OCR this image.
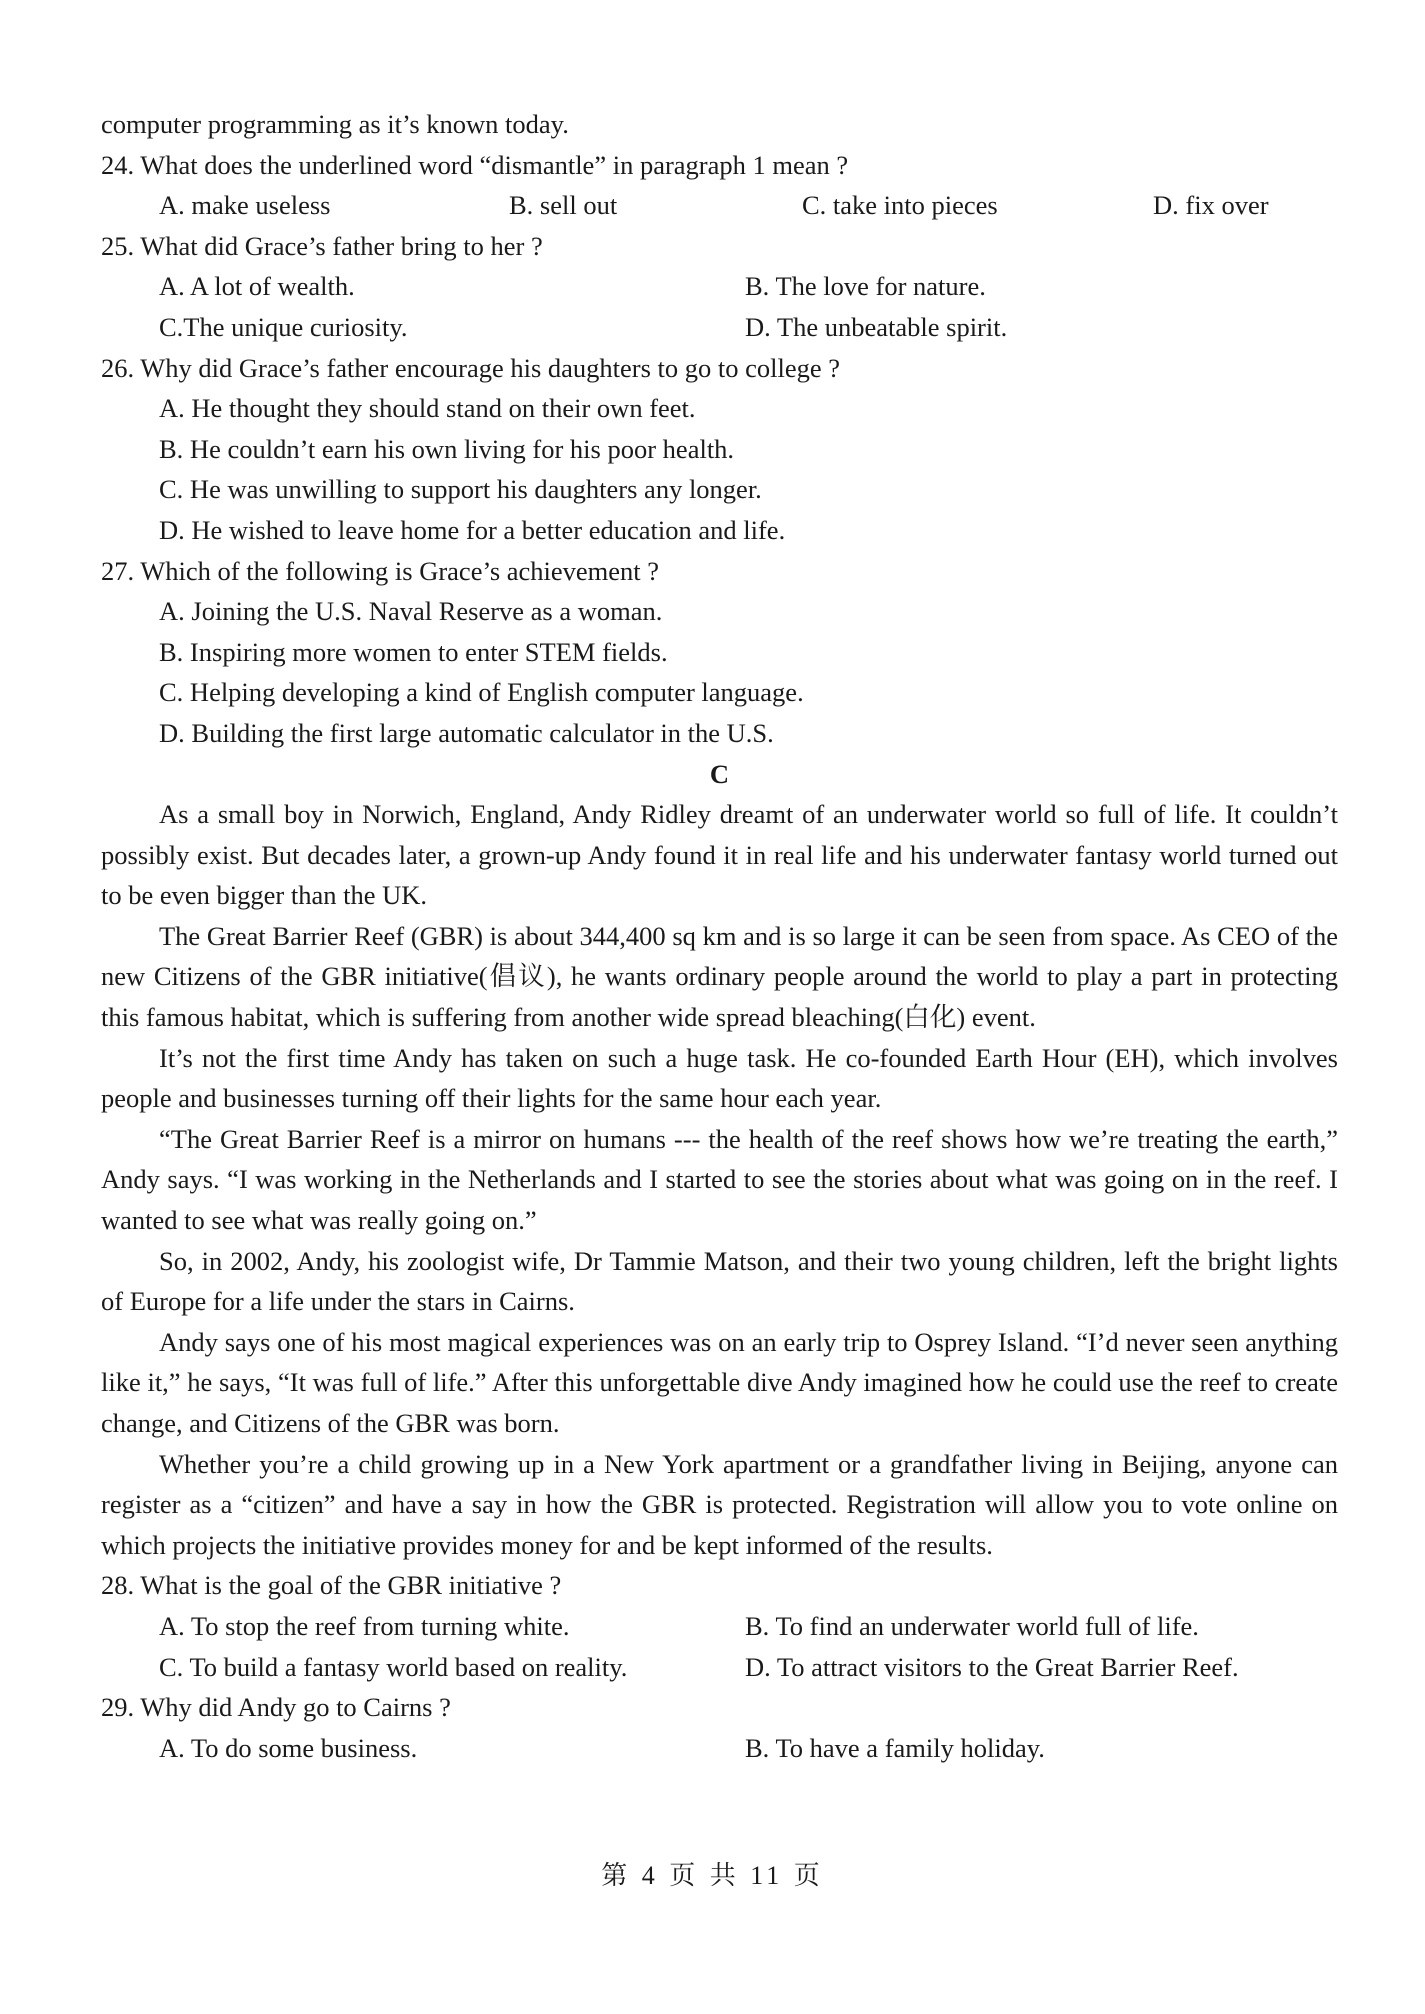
computer programming as it’s known today.
24. What does the underlined word “dismantle” in paragraph 1 mean ?
A. make useless	B. sell out	C. take into pieces	D. fix over
25. What did Grace’s father bring to her ?
A. A lot of wealth.	B. The love for nature.
C.The unique curiosity.	D. The unbeatable spirit.
26. Why did Grace’s father encourage his daughters to go to college ?
A. He thought they should stand on their own feet.
B. He couldn’t earn his own living for his poor health.
C. He was unwilling to support his daughters any longer.
D. He wished to leave home for a better education and life.
27. Which of the following is Grace’s achievement ?
A. Joining the U.S. Naval Reserve as a woman.
B. Inspiring more women to enter STEM fields.
C. Helping developing a kind of English computer language.
D. Building the first large automatic calculator in the U.S.
C

As a small boy in Norwich, England, Andy Ridley dreamt of an underwater world so full of life. It couldn’t possibly exist. But decades later, a grown-up Andy found it in real life and his underwater fantasy world turned out to be even bigger than the UK.

The Great Barrier Reef (GBR) is about 344,400 sq km and is so large it can be seen from space. As CEO of the new Citizens of the GBR initiative(倡议), he wants ordinary people around the world to play a part in protecting this famous habitat, which is suffering from another wide spread bleaching(白化) event.

It’s not the first time Andy has taken on such a huge task. He co-founded Earth Hour (EH), which involves people and businesses turning off their lights for the same hour each year.

“The Great Barrier Reef is a mirror on humans --- the health of the reef shows how we’re treating the earth,” Andy says. “I was working in the Netherlands and I started to see the stories about what was going on in the reef. I wanted to see what was really going on.”

So, in 2002, Andy, his zoologist wife, Dr Tammie Matson, and their two young children, left the bright lights of Europe for a life under the stars in Cairns.

Andy says one of his most magical experiences was on an early trip to Osprey Island. “I’d never seen anything like it,” he says, “It was full of life.” After this unforgettable dive Andy imagined how he could use the reef to create change, and Citizens of the GBR was born.

Whether you’re a child growing up in a New York apartment or a grandfather living in Beijing, anyone can register as a “citizen” and have a say in how the GBR is protected. Registration will allow you to vote online on which projects the initiative provides money for and be kept informed of the results.

28. What is the goal of the GBR initiative ?
A. To stop the reef from turning white.	B. To find an underwater world full of life.
C. To build a fantasy world based on reality.	D. To attract visitors to the Great Barrier Reef.
29. Why did Andy go to Cairns ?
A. To do some business.	B. To have a family holiday.
第 4 页 共 11 页
